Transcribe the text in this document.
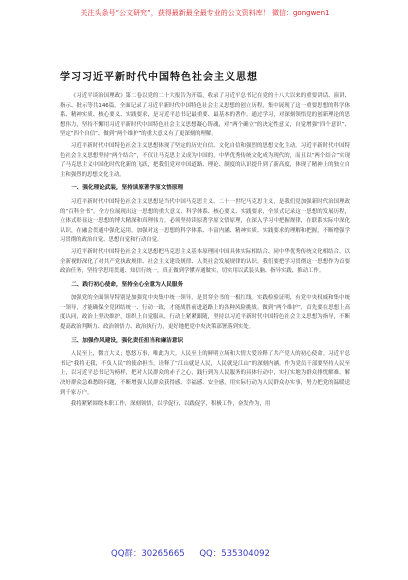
关注头条号“公文研究”，获得最新最全最专业的公文资料库！ 微信：gongwen1
学习习近平新时代中国特色社会主义思想

《习近平谈治国理政》第二卷以党的二十大报告为开篇，收录了习近平总书记在党的十八大以来的重要讲话、演讲、指示、批示等共146篇。全面记录了习近平新时代中国特色社会主义思想的创立历程，集中展现了这一重要思想的科学体系、精神实质、核心要义、实践要求，是习近平总书记最重要、最基本的著作。通过学习，对深刻领悟党的创新理论的思想伟力，坚持不懈用习近平新时代中国特色社会主义思想凝心铸魂，对“两个确立”的决定性意义，自觉增强“四个意识”、坚定“四个自信”、做到“两个维护”的重大意义有了更深刻的理解。

习近平新时代中国特色社会主义思想体现了坚定的历史自信、文化自信和强烈的思想文化主动。习近平新时代中国特色社会主义思想坚持“两个结合”，不仅让马克思主义成为中国的，中华优秀传统文化成为现代的，而且以“两个结合”实现了马克思主义中国化时代化新的飞跃，把我们党对中国道路、理论、制度的认识提升到了新高度，体现了精神上的独立自主和强烈的思想文化主动。

一、强化理论武装，坚持读原著学原文悟原理

习近平新时代中国特色社会主义思想是当代中国马克思主义、二十一世纪马克思主义，是我们党加强新时代治国理政的“百科全书”，全方位展现出这一思想的重大意义、科学体系、核心要义、实践要求，全景式记录这一思想的发展历程，立体式彰显这一思想的博大精深和真理伟力。必须坚持读原著学原文悟原理，在深入学习中把握规律，在联系实际中深化认识，在融会贯通中强化运用，加强对这一思想的科学体系、丰富内涵、精神实质、实践要求的理解和把握，不断增强学习贯彻的政治自觉、思想自觉和行动自觉。

习近平新时代中国特色社会主义思想把马克思主义基本原理同中国具体实际相结合、同中华优秀传统文化相结合，以全新视野深化了对共产党执政规律、社会主义建设规律、人类社会发展规律的认识。我们要把学习贯彻这一思想作为首要政治任务，坚持学思用贯通、知信行统一，真正做到学懂弄通做实，切实用以武装头脑、指导实践、推动工作。

二、践行初心使命，坚持全心全意为人民服务

加强党的全面领导特别是加强党中央集中统一领导，是贯穿全书的一根红线。实践检验证明，有党中央权威和集中统一领导，才能确保全党团结统一、行动一致，才能战胜前进道路上的各种风险挑战。做到“两个维护”，首先要在思想上高度认同，政治上坚决维护，组织上自觉服从，行动上紧紧跟随，坚持以习近平新时代中国特色社会主义思想为指导，不断提高政治判断力、政治领悟力、政治执行力，更好地把党中央决策部署落到实处。

三、加强作风建设，强化责任担当和廉洁意识

人民至上，微言大义；悠悠万事，唯此为大。人民至上的鲜明立场和大情大爱诠释了共产党人的初心使命。习近平总书记“我将无我，不负人民”的使命担当，诠释了“江山就是人民，人民就是江山”的深刻内涵。作为党员干部要坚持人民至上，以习近平总书记为榜样，把对人民群众的赤子之心，践行到为人民服务的具体行动中，实打实地为群众排忧解难，解决好群众急难愁盼问题，不断增强人民群众获得感、幸福感、安全感，用实际行动为人民群众办实事，努力把党的温暖送到千家万户。

我将紧紧围绕本职工作，深刻领悟，以学促行，以践促学，积极工作，奋发作为，用

QQ群：30265665 QQ：535304092
